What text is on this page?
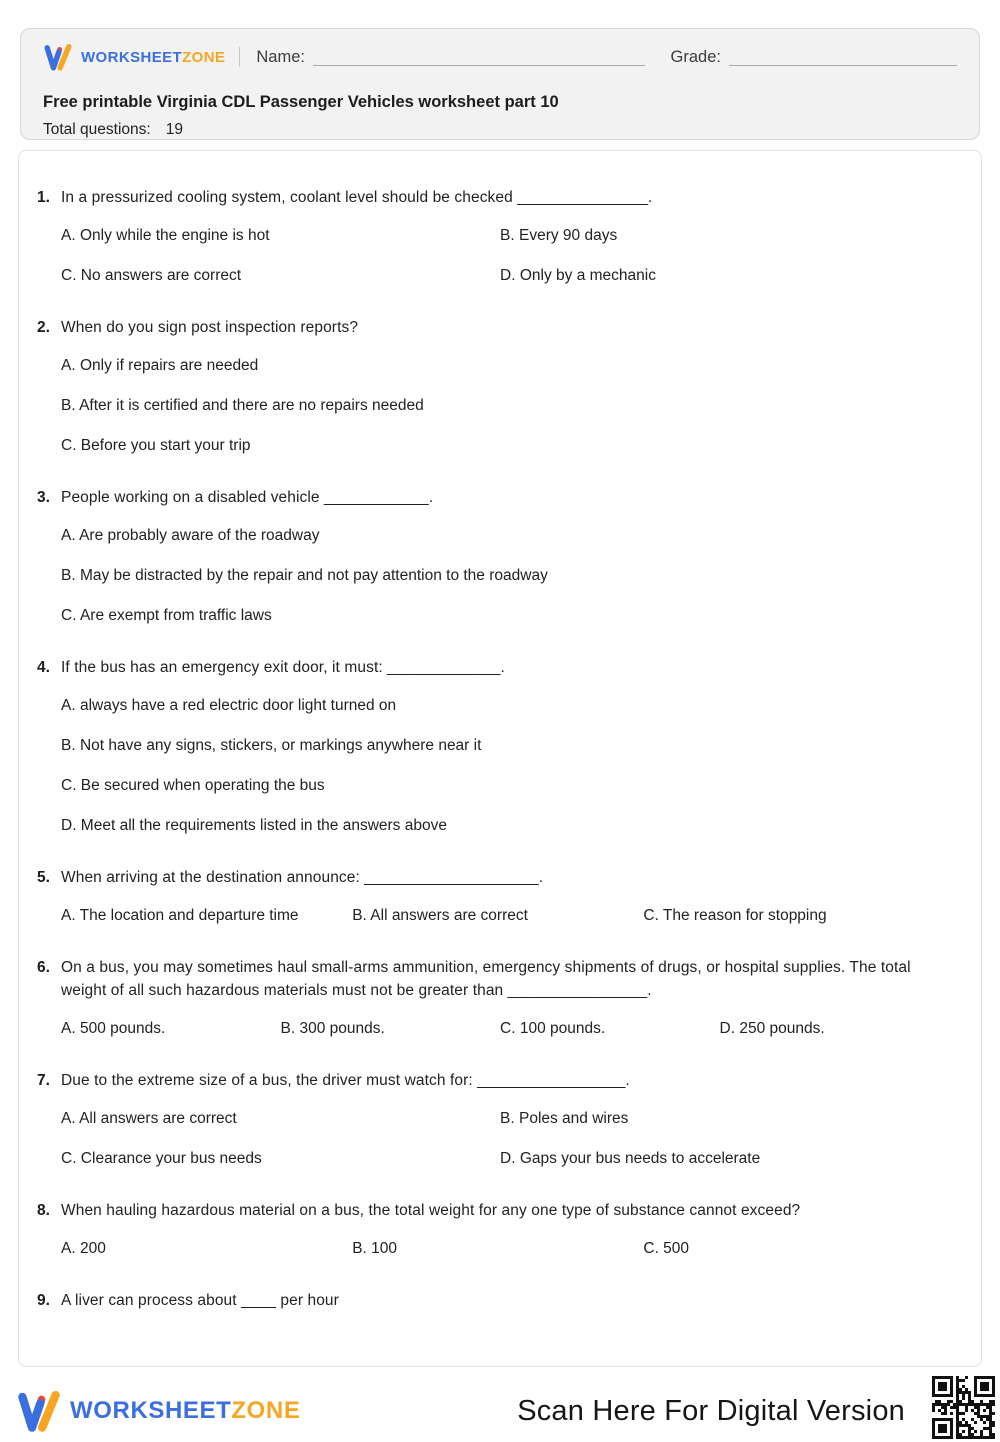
WORKSHEETZONE Name:	Grade:
Free printable Virginia CDL Passenger Vehicles worksheet part 10
Total questions: 19
1. In a pressurized cooling system, coolant level should be checked _______________.
A. Only while the engine is hot	B. Every 90 days
C. No answers are correct	D. Only by a mechanic
2. When do you sign post inspection reports?
A. Only if repairs are needed
B. After it is certified and there are no repairs needed
C. Before you start your trip
3. People working on a disabled vehicle ____________.
A. Are probably aware of the roadway
B. May be distracted by the repair and not pay attention to the roadway
C. Are exempt from traffic laws
4. If the bus has an emergency exit door, it must: _____________.
A. always have a red electric door light turned on
B. Not have any signs, stickers, or markings anywhere near it
C. Be secured when operating the bus
D. Meet all the requirements listed in the answers above
5. When arriving at the destination announce: ____________________.
A. The location and departure time	B. All answers are correct	C. The reason for stopping
6. On a bus, you may sometimes haul small-arms ammunition, emergency shipments of drugs, or hospital supplies. The total weight of all such hazardous materials must not be greater than ________________.
A. 500 pounds.	B. 300 pounds.	C. 100 pounds.	D. 250 pounds.
7. Due to the extreme size of a bus, the driver must watch for: _________________.
A. All answers are correct	B. Poles and wires
C. Clearance your bus needs	D. Gaps your bus needs to accelerate
8. When hauling hazardous material on a bus, the total weight for any one type of substance cannot exceed?
A. 200	B. 100	C. 500
9. A liver can process about ____ per hour
WORKSHEETZONE	Scan Here For Digital Version
